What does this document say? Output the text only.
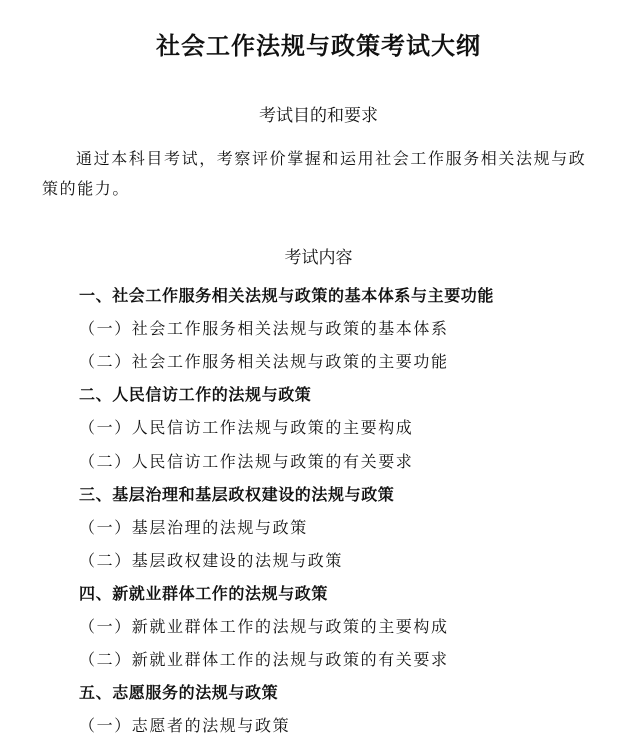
社会工作法规与政策考试大纲
考试目的和要求
通过本科目考试，考察评价掌握和运用社会工作服务相关法规与政策的能力。
考试内容
一、社会工作服务相关法规与政策的基本体系与主要功能
（一）社会工作服务相关法规与政策的基本体系
（二）社会工作服务相关法规与政策的主要功能
二、人民信访工作的法规与政策
（一）人民信访工作法规与政策的主要构成
（二）人民信访工作法规与政策的有关要求
三、基层治理和基层政权建设的法规与政策
（一）基层治理的法规与政策
（二）基层政权建设的法规与政策
四、新就业群体工作的法规与政策
（一）新就业群体工作的法规与政策的主要构成
（二）新就业群体工作的法规与政策的有关要求
五、志愿服务的法规与政策
（一）志愿者的法规与政策
